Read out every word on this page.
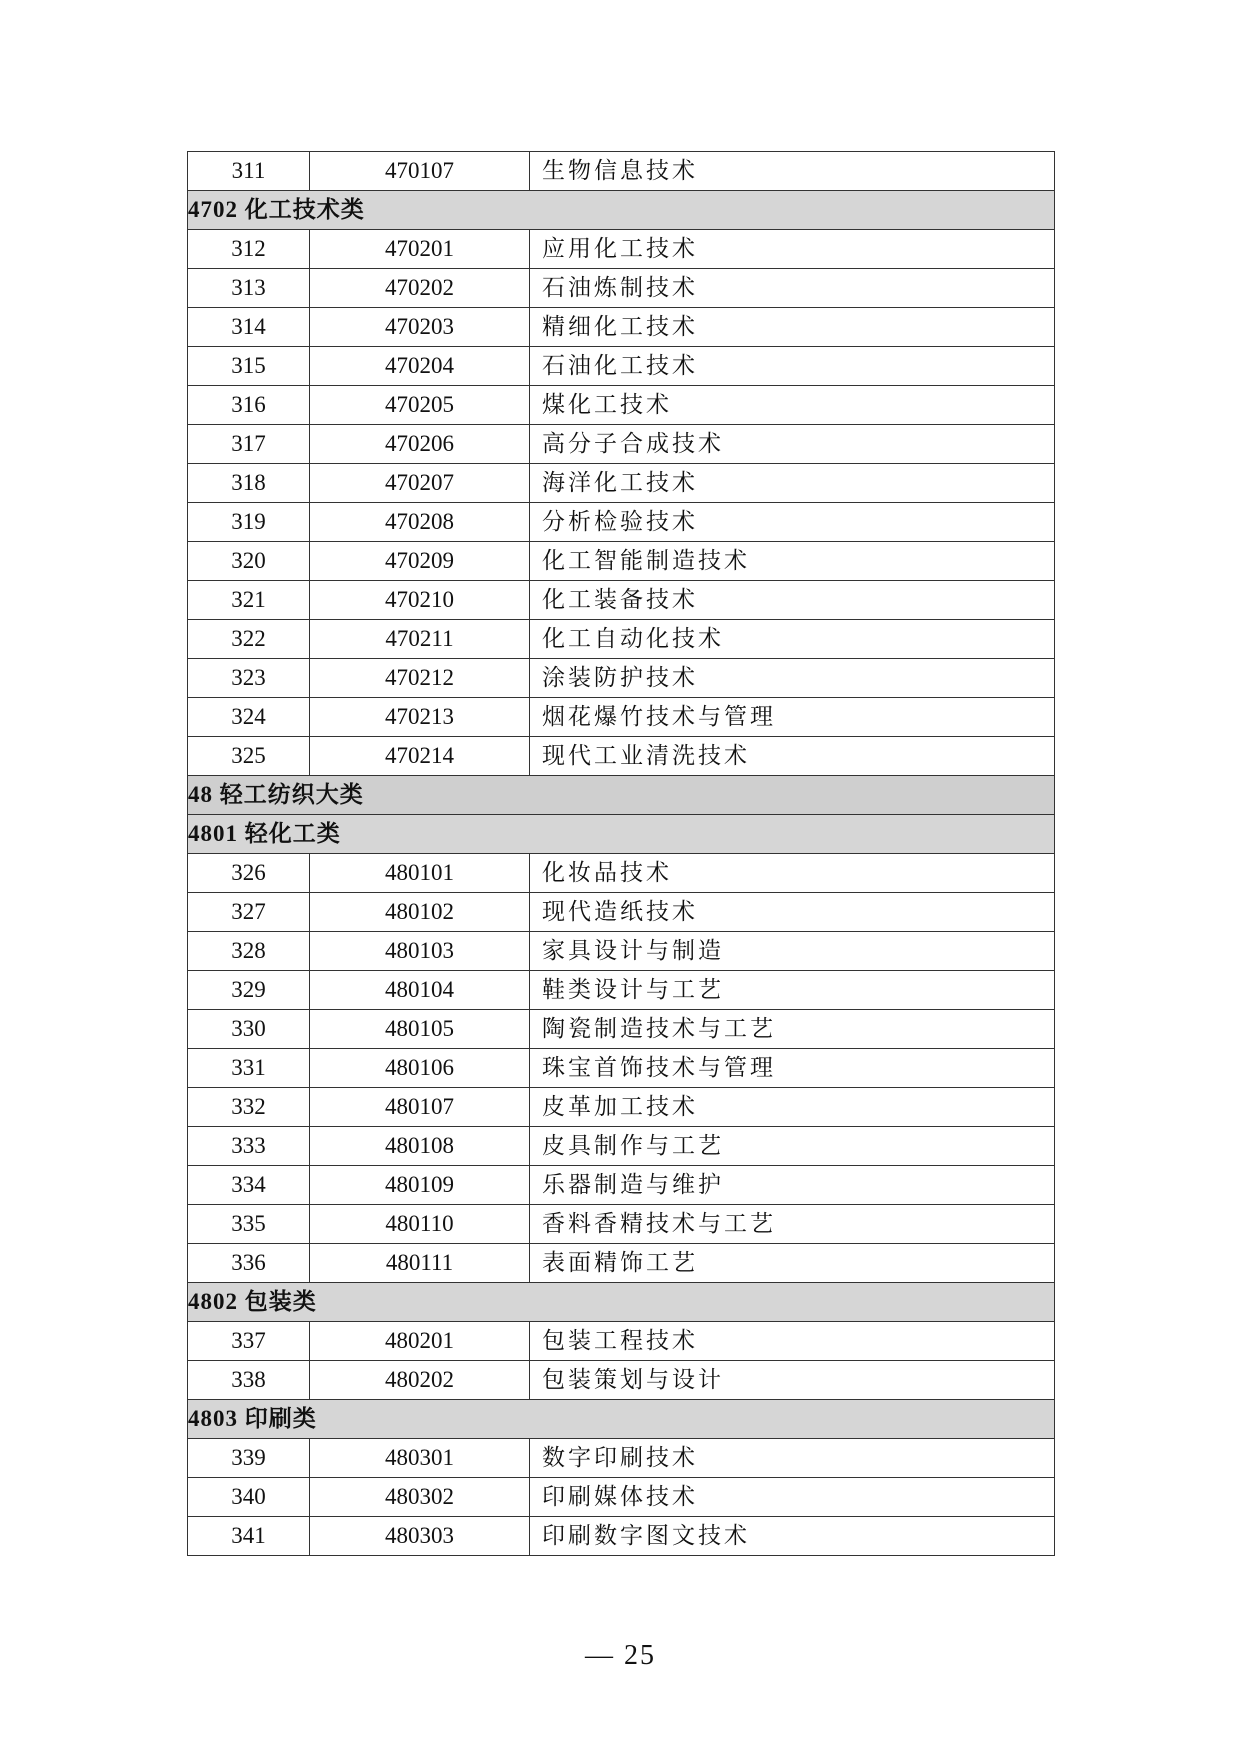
311	470107	生物信息技术
4702 化工技术类		
312	470201	应用化工技术
313	470202	石油炼制技术
314	470203	精细化工技术
315	470204	石油化工技术
316	470205	煤化工技术
317	470206	高分子合成技术
318	470207	海洋化工技术
319	470208	分析检验技术
320	470209	化工智能制造技术
321	470210	化工装备技术
322	470211	化工自动化技术
323	470212	涂装防护技术
324	470213	烟花爆竹技术与管理
325	470214	现代工业清洗技术
48 轻工纺织大类		
4801 轻化工类		
326	480101	化妆品技术
327	480102	现代造纸技术
328	480103	家具设计与制造
329	480104	鞋类设计与工艺
330	480105	陶瓷制造技术与工艺
331	480106	珠宝首饰技术与管理
332	480107	皮革加工技术
333	480108	皮具制作与工艺
334	480109	乐器制造与维护
335	480110	香料香精技术与工艺
336	480111	表面精饰工艺
4802 包装类		
337	480201	包装工程技术
338	480202	包装策划与设计
4803 印刷类		
339	480301	数字印刷技术
340	480302	印刷媒体技术
341	480303	印刷数字图文技术
— 25
